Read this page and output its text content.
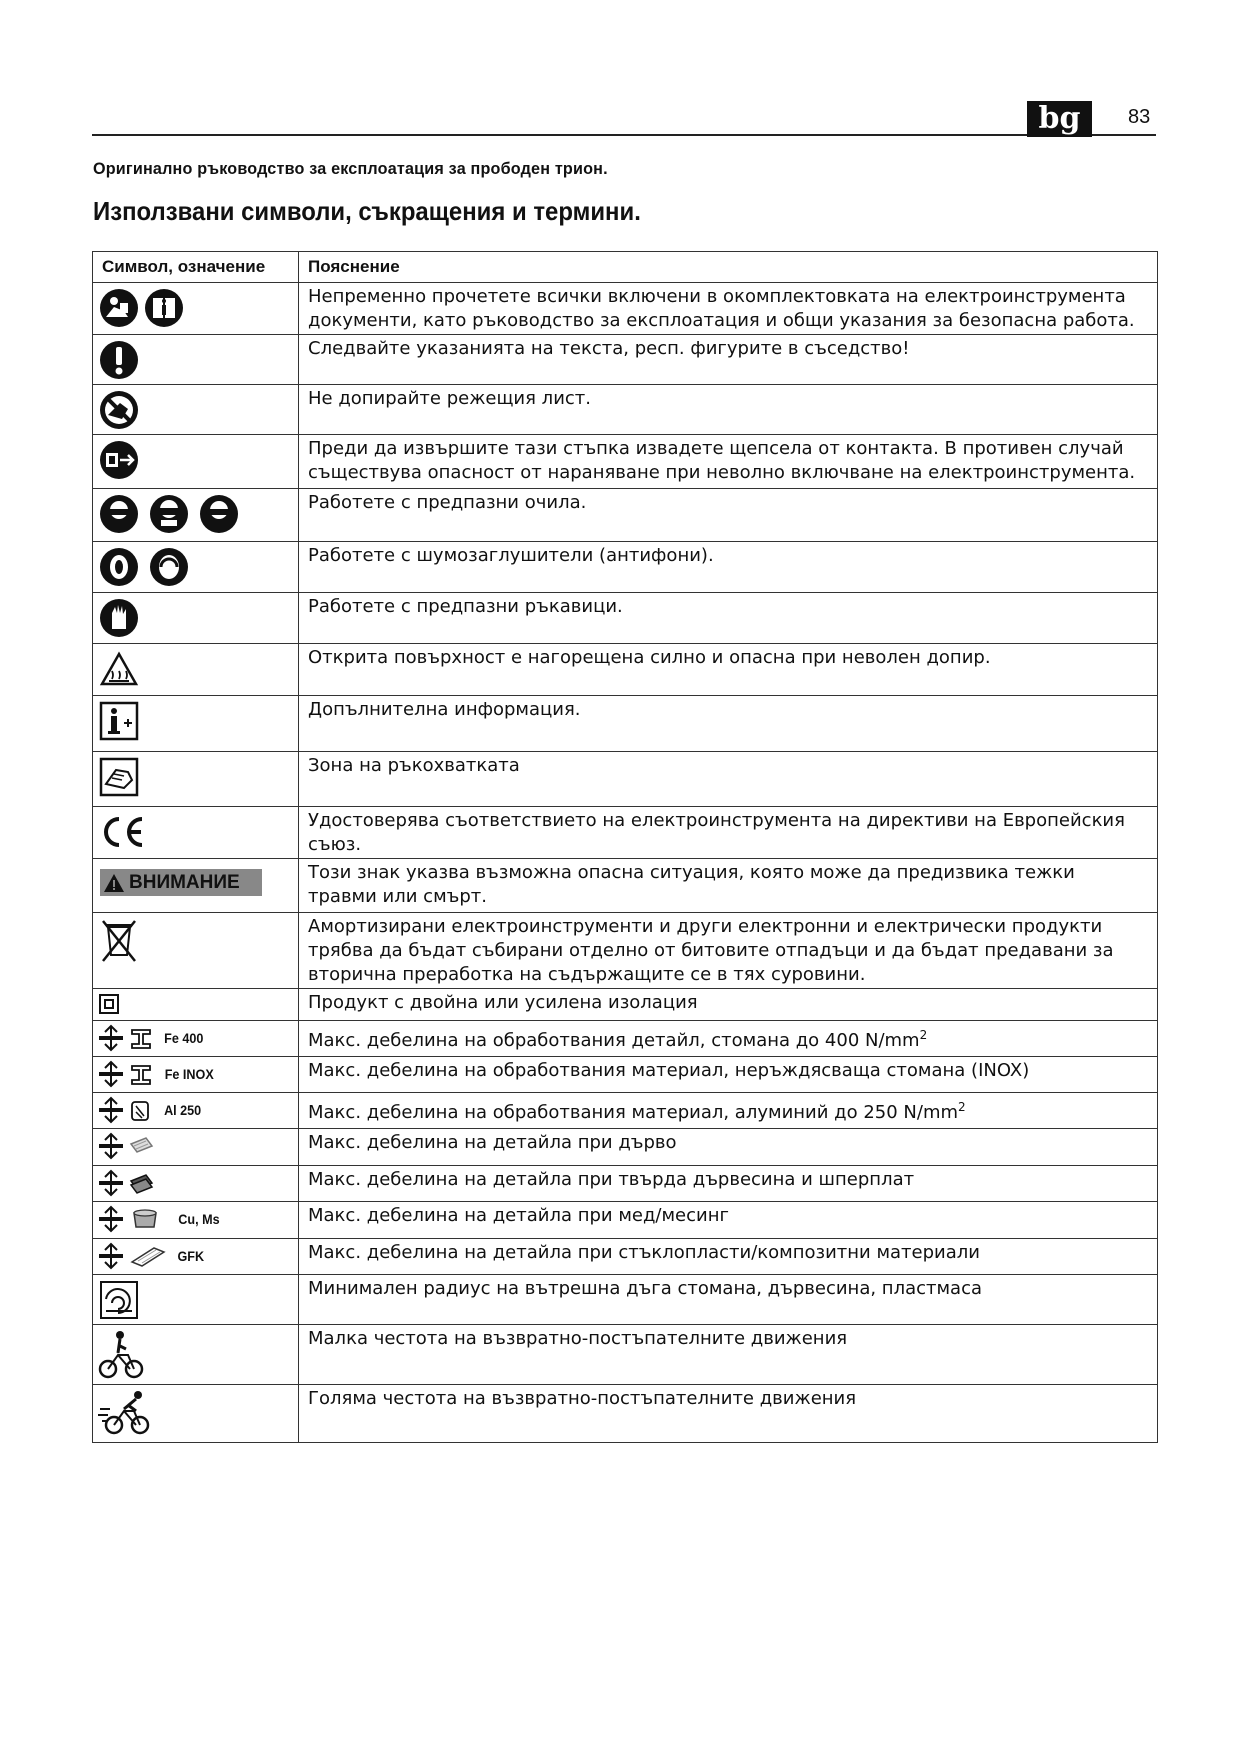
bg	83
Оригинално ръководство за експлоатация за прободен трион.
Използвани символи, съкращения и термини.
Символ, означение	Пояснение

	Непременно прочетете всички включени в окомплектовката на електроинструмента документи, като ръководство за експлоатация и общи указания за безопасна работа.

	Следвайте указанията на текста, респ. фигурите в съседство!

	Не допирайте режещия лист.

	Преди да извършите тази стъпка извадете щепсела от контакта. В противен случай съществува опасност от нараняване при неволно включване на електроинструмента.

	Работете с предпазни очила.

	Работете с шумозаглушители (антифони).

	Работете с предпазни ръкавици.

	Открита повърхност е нагорещена силно и опасна при неволен допир.

	Допълнителна информация.

	Зона на ръкохватката

	Удостоверява съответствието на електроинструмента на директиви на Европейския съюз.

ВНИМАНИЕ	Този знак указва възможна опасна ситуация, която може да предизвика тежки травми или смърт.

	Амортизирани електроинструменти и други електронни и електрически продукти трябва да бъдат събирани отделно от битовите отпадъци и да бъдат предавани за вторична преработка на съдържащите се в тях суровини.

	Продукт с двойна или усилена изолация

Fe 400	Макс. дебелина на обработвания детайл, стомана до 400 $N/mm^2$

Fe INOX	Макс. дебелина на обработвания материал, неръждясваща стомана (INOX)

Al 250	Макс. дебелина на обработвания материал, алуминий до 250 $N/mm^2$

	Макс. дебелина на детайла при дърво

	Макс. дебелина на детайла при твърда дървесина и шперплат

Cu, Ms	Макс. дебелина на детайла при мед/месинг

GFK	Макс. дебелина на детайла при стъклопласти/композитни материали

	Минимален радиус на вътрешна дъга стомана, дървесина, пластмаса

	Малка честота на възвратно-постъпателните движения

	Голяма честота на възвратно-постъпателните движения
